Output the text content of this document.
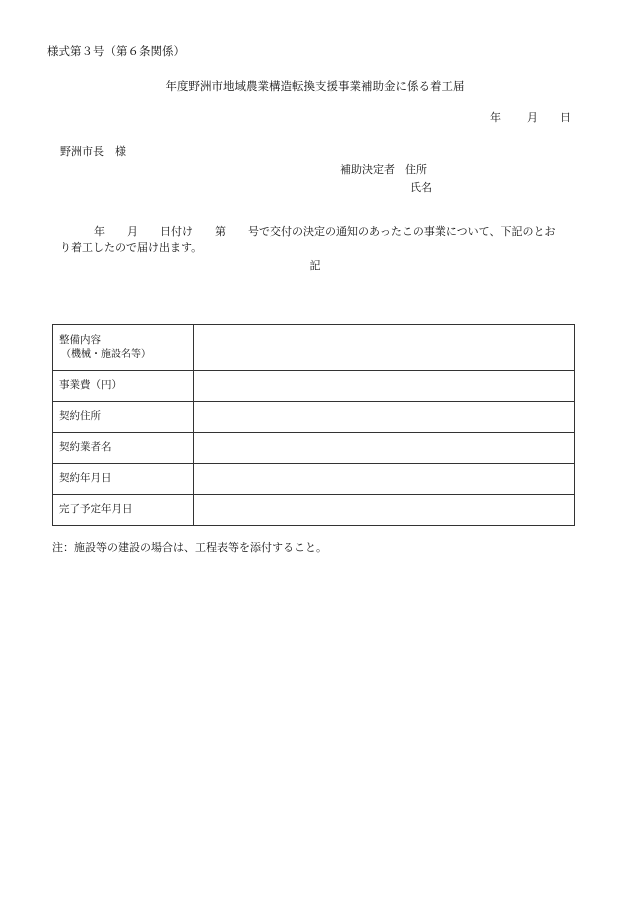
様式第３号（第６条関係）
年度野洲市地域農業構造転換支援事業補助金に係る着工届
年 月 日
野洲市長　様
補助決定者 住所
氏名
年　　月　　日付け　　第　　号で交付の決定の通知のあったこの事業について、下記のとお
り着工したので届け出ます。
記
整備内容
（機械・施設名等）	

事業費（円）	
契約住所	
契約業者名	
契約年月日	
完了予定年月日	
注：施設等の建設の場合は、工程表等を添付すること。
